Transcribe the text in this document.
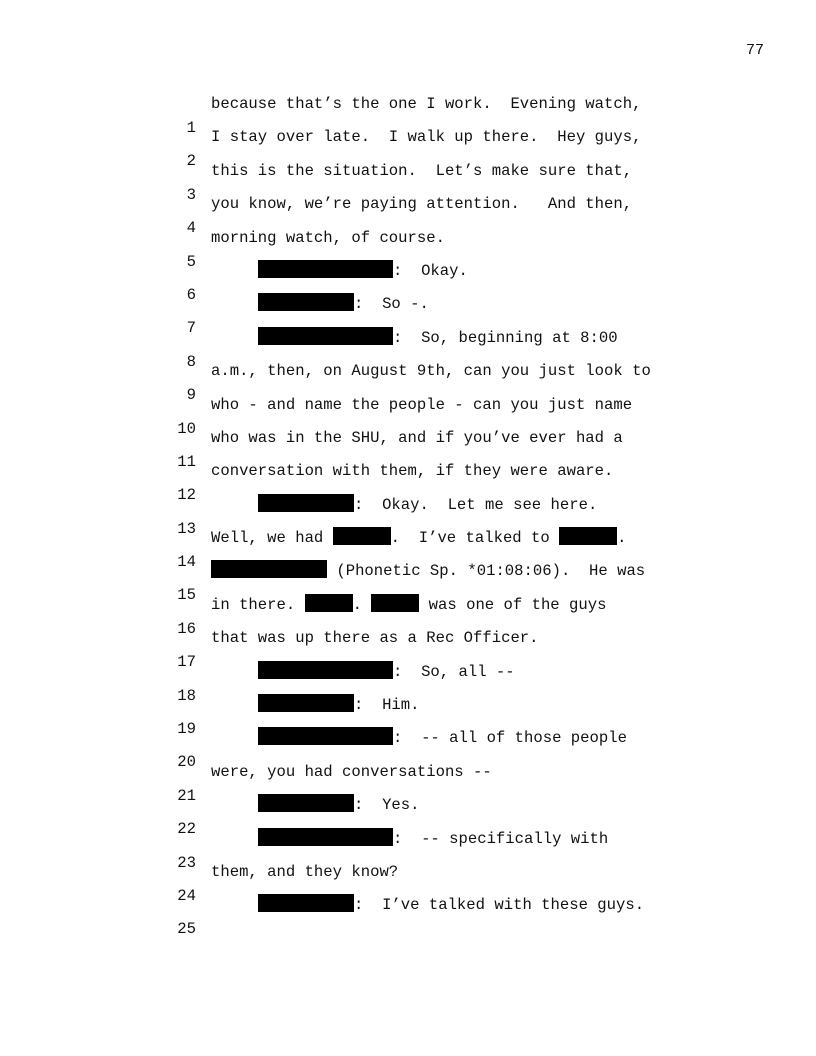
77

1

because that’s the one I work.  Evening watch,

2

I stay over late.  I walk up there.  Hey guys,

3

this is the situation.  Let’s make sure that,

4

you know, we’re paying attention.   And then,

5

morning watch, of course.

6

:  Okay.

7

:  So -.

8

:  So, beginning at 8:00

9

a.m., then, on August 9th, can you just look to

10

who - and name the people - can you just name

11

who was in the SHU, and if you’ve ever had a

12

conversation with them, if they were aware.

13

:  Okay.  Let me see here.

14

Well, we had	.  I’ve talked to	.

15

(Phonetic Sp. *01:08:06).  He was

16

in there.	.	was one of the guys

17

that was up there as a Rec Officer.

18

:  So, all --

19

:  Him.

20

:  -- all of those people

21

were, you had conversations --

22

:  Yes.

23

:  -- specifically with

24

them, and they know?

25

:  I’ve talked with these guys.
